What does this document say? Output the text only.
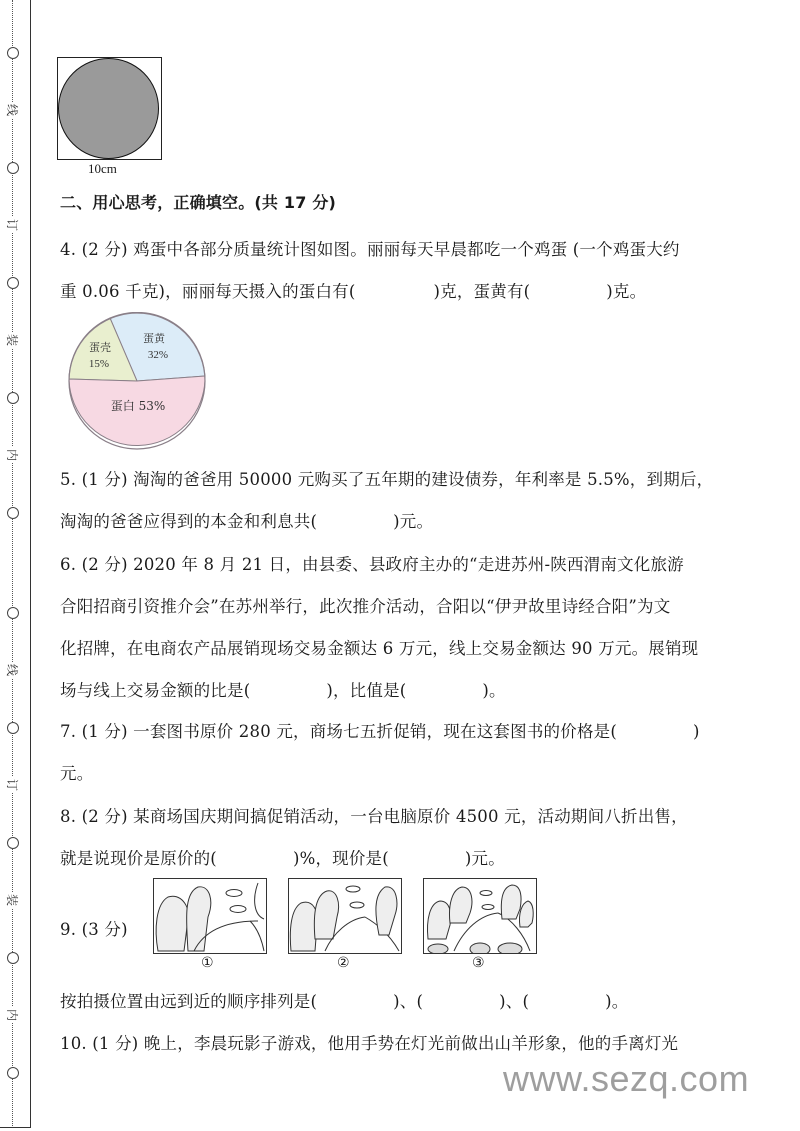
线
订
装
内
线
订
装
内
10cm
二、用心思考，正确填空。(共 17 分)
4. (2 分) 鸡蛋中各部分质量统计图如图。丽丽每天早晨都吃一个鸡蛋 (一个鸡蛋大约
重 0.06 千克)，丽丽每天摄入的蛋白有(	)克，蛋黄有(	)克。
蛋黄
32%
蛋壳
15%
蛋白 53%
5. (1 分) 淘淘的爸爸用 50000 元购买了五年期的建设债券，年利率是 5.5%，到期后，
淘淘的爸爸应得到的本金和利息共(	)元。
6. (2 分) 2020 年 8 月 21 日，由县委、县政府主办的“走进苏州-陕西渭南文化旅游
合阳招商引资推介会”在苏州举行，此次推介活动，合阳以“伊尹故里诗经合阳”为文
化招牌，在电商农产品展销现场交易金额达 6 万元，线上交易金额达 90 万元。展销现
场与线上交易金额的比是(	)，比值是(	)。
7. (1 分) 一套图书原价 280 元，商场七五折促销，现在这套图书的价格是(	)
元。
8. (2 分) 某商场国庆期间搞促销活动，一台电脑原价 4500 元，活动期间八折出售，
就是说现价是原价的(	)%，现价是(	)元。
9. (3 分)
①	②	③
按拍摄位置由远到近的顺序排列是(	)、(	)、(	)。
10. (1 分) 晚上，李晨玩影子游戏，他用手势在灯光前做出山羊形象，他的手离灯光
www.sezq.com
